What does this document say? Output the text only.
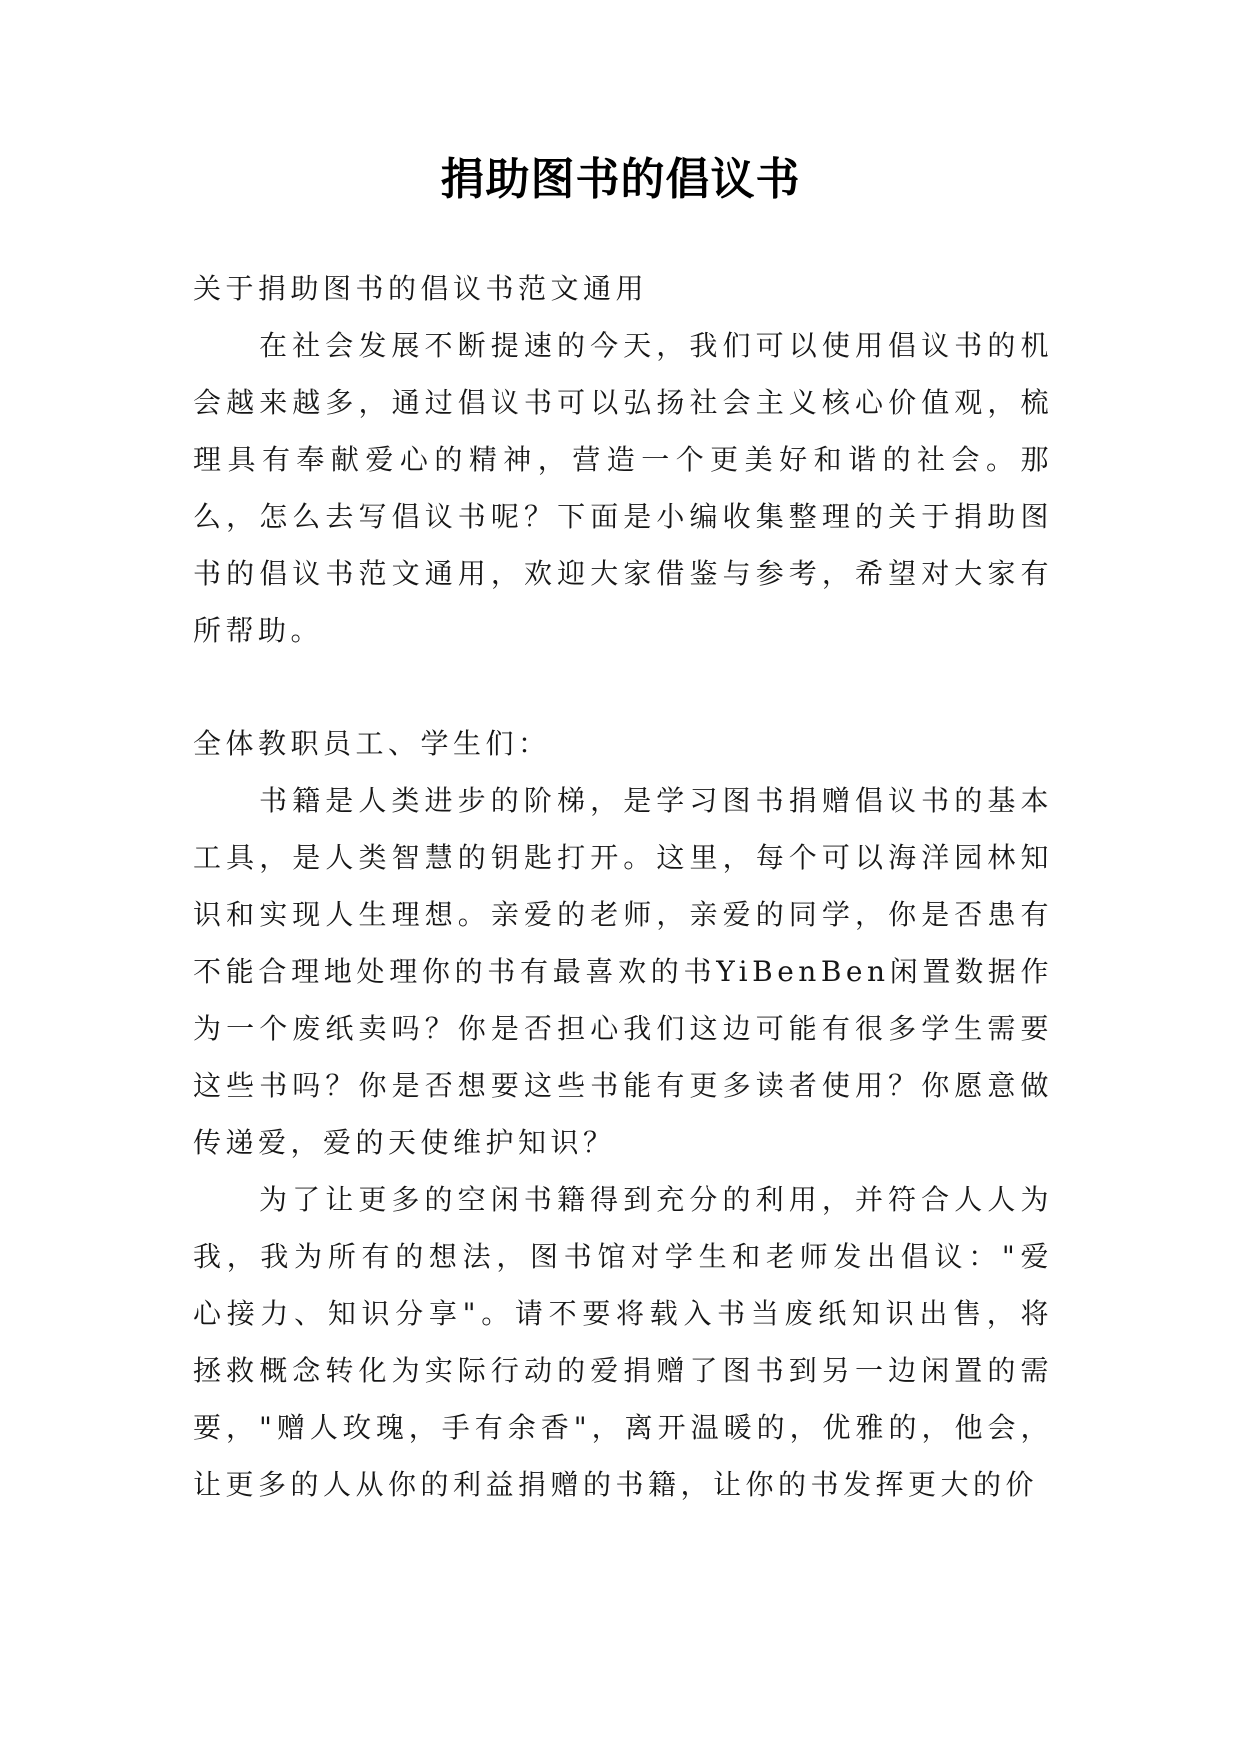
捐助图书的倡议书

关于捐助图书的倡议书范文通用

在社会发展不断提速的今天，我们可以使用倡议书的机会越来越多，通过倡议书可以弘扬社会主义核心价值观，梳理具有奉献爱心的精神，营造一个更美好和谐的社会。那么，怎么去写倡议书呢？下面是小编收集整理的关于捐助图书的倡议书范文通用，欢迎大家借鉴与参考，希望对大家有所帮助。

全体教职员工、学生们：

书籍是人类进步的阶梯，是学习图书捐赠倡议书的基本工具，是人类智慧的钥匙打开。这里，每个可以海洋园林知识和实现人生理想。亲爱的老师，亲爱的同学，你是否患有不能合理地处理你的书有最喜欢的书YiBenBen闲置数据作为一个废纸卖吗？你是否担心我们这边可能有很多学生需要这些书吗？你是否想要这些书能有更多读者使用？你愿意做传递爱，爱的天使维护知识？

为了让更多的空闲书籍得到充分的利用，并符合人人为我，我为所有的想法，图书馆对学生和老师发出倡议："爱心接力、知识分享"。请不要将载入书当废纸知识出售，将拯救概念转化为实际行动的爱捐赠了图书到另一边闲置的需要，"赠人玫瑰，手有余香"，离开温暖的，优雅的，他会，让更多的人从你的利益捐赠的书籍，让你的书发挥更大的价
